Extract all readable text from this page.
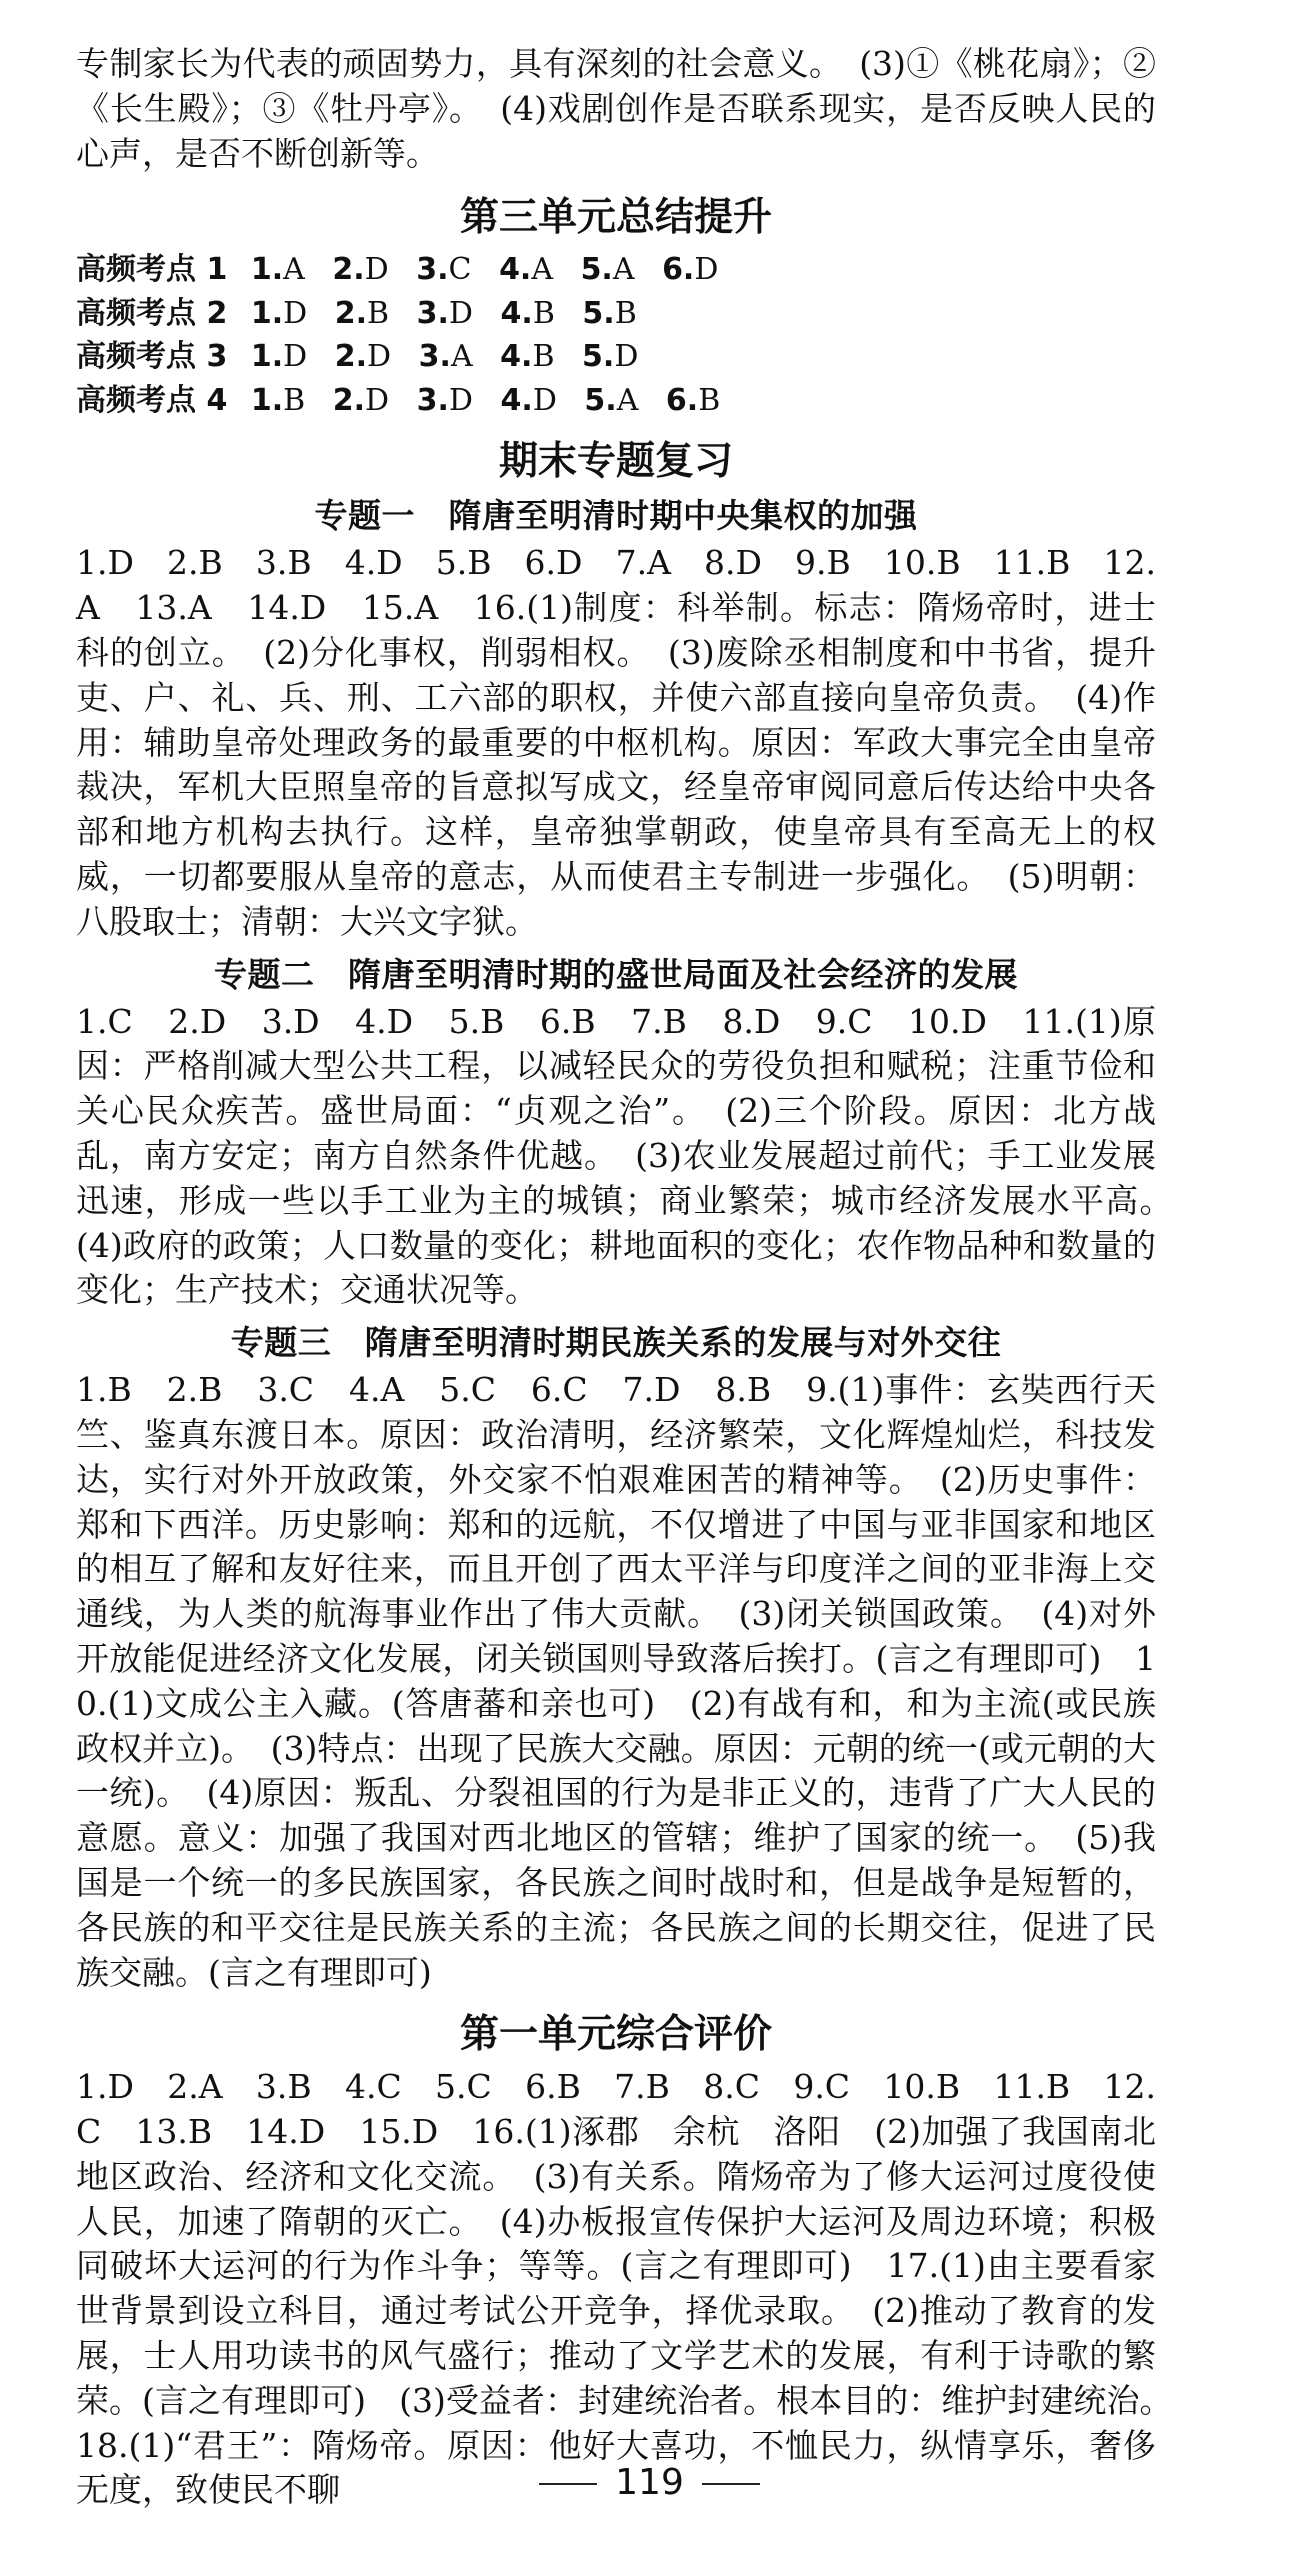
专制家长为代表的顽固势力，具有深刻的社会意义。　(3)①《桃花扇》；②《长生殿》；③《牡丹亭》。　(4)戏剧创作是否联系现实，是否反映人民的心声，是否不断创新等。

第三单元总结提升
高频考点 1 1.A 2.D 3.C 4.A 5.A 6.D
高频考点 2 1.D 2.B 3.D 4.B 5.B
高频考点 3 1.D 2.D 3.A 4.B 5.D
高频考点 4 1.B 2.D 3.D 4.D 5.A 6.B
期末专题复习
专题一　隋唐至明清时期中央集权的加强

1.D　2.B　3.B　4.D　5.B　6.D　7.A　8.D　9.B　10.B　11.B　12.A　13.A　14.D　15.A　16.(1)制度：科举制。标志：隋炀帝时，进士科的创立。　(2)分化事权，削弱相权。　(3)废除丞相制度和中书省，提升吏、户、礼、兵、刑、工六部的职权，并使六部直接向皇帝负责。　(4)作用：辅助皇帝处理政务的最重要的中枢机构。原因：军政大事完全由皇帝裁决，军机大臣照皇帝的旨意拟写成文，经皇帝审阅同意后传达给中央各部和地方机构去执行。这样，皇帝独掌朝政，使皇帝具有至高无上的权威，一切都要服从皇帝的意志，从而使君主专制进一步强化。　(5)明朝：八股取士；清朝：大兴文字狱。

专题二　隋唐至明清时期的盛世局面及社会经济的发展

1.C　2.D　3.D　4.D　5.B　6.B　7.B　8.D　9.C　10.D　11.(1)原因：严格削减大型公共工程，以减轻民众的劳役负担和赋税；注重节俭和关心民众疾苦。盛世局面：“贞观之治”。　(2)三个阶段。原因：北方战乱，南方安定；南方自然条件优越。　(3)农业发展超过前代；手工业发展迅速，形成一些以手工业为主的城镇；商业繁荣；城市经济发展水平高。　(4)政府的政策；人口数量的变化；耕地面积的变化；农作物品种和数量的变化；生产技术；交通状况等。

专题三　隋唐至明清时期民族关系的发展与对外交往

1.B　2.B　3.C　4.A　5.C　6.C　7.D　8.B　9.(1)事件：玄奘西行天竺、鉴真东渡日本。原因：政治清明，经济繁荣，文化辉煌灿烂，科技发达，实行对外开放政策，外交家不怕艰难困苦的精神等。　(2)历史事件：郑和下西洋。历史影响：郑和的远航，不仅增进了中国与亚非国家和地区的相互了解和友好往来，而且开创了西太平洋与印度洋之间的亚非海上交通线，为人类的航海事业作出了伟大贡献。　(3)闭关锁国政策。　(4)对外开放能促进经济文化发展，闭关锁国则导致落后挨打。(言之有理即可)　10.(1)文成公主入藏。(答唐蕃和亲也可)　(2)有战有和，和为主流(或民族政权并立)。　(3)特点：出现了民族大交融。原因：元朝的统一(或元朝的大一统)。　(4)原因：叛乱、分裂祖国的行为是非正义的，违背了广大人民的意愿。意义：加强了我国对西北地区的管辖；维护了国家的统一。　(5)我国是一个统一的多民族国家，各民族之间时战时和，但是战争是短暂的，各民族的和平交往是民族关系的主流；各民族之间的长期交往，促进了民族交融。(言之有理即可)

第一单元综合评价

1.D　2.A　3.B　4.C　5.C　6.B　7.B　8.C　9.C　10.B　11.B　12.C　13.B　14.D　15.D　16.(1)涿郡　余杭　洛阳　(2)加强了我国南北地区政治、经济和文化交流。　(3)有关系。隋炀帝为了修大运河过度役使人民，加速了隋朝的灭亡。　(4)办板报宣传保护大运河及周边环境；积极同破坏大运河的行为作斗争；等等。(言之有理即可)　17.(1)由主要看家世背景到设立科目，通过考试公开竞争，择优录取。　(2)推动了教育的发展，士人用功读书的风气盛行；推动了文学艺术的发展，有利于诗歌的繁荣。(言之有理即可)　(3)受益者：封建统治者。根本目的：维护封建统治。　18.(1)“君王”：隋炀帝。原因：他好大喜功，不恤民力，纵情享乐，奢侈无度，致使民不聊	119
